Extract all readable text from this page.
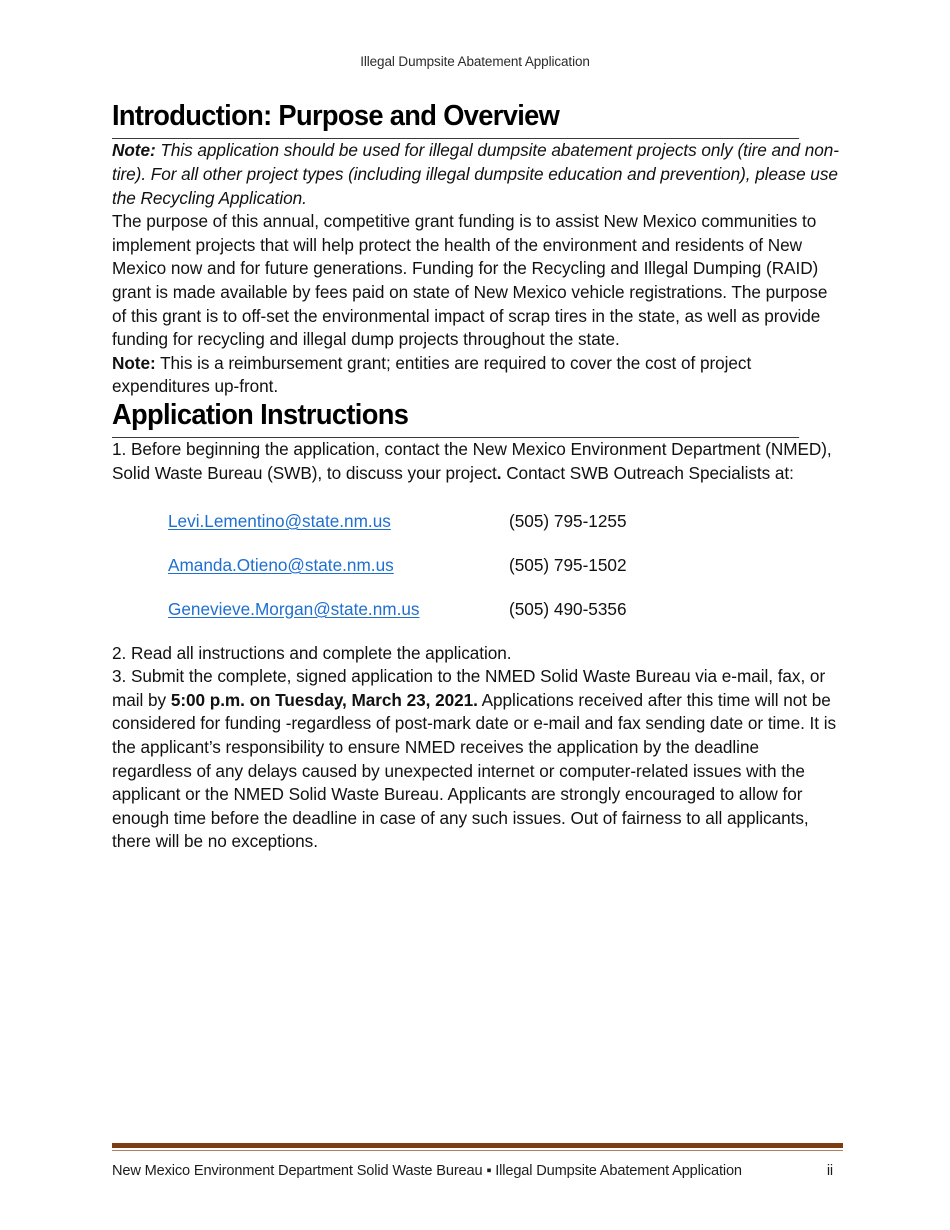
Illegal Dumpsite Abatement Application
Introduction: Purpose and Overview

Note: This application should be used for illegal dumpsite abatement projects only (tire and non-tire). For all other project types (including illegal dumpsite education and prevention), please use the Recycling Application.

The purpose of this annual, competitive grant funding is to assist New Mexico communities to implement projects that will help protect the health of the environment and residents of New Mexico now and for future generations. Funding for the Recycling and Illegal Dumping (RAID) grant is made available by fees paid on state of New Mexico vehicle registrations. The purpose of this grant is to off-set the environmental impact of scrap tires in the state, as well as provide funding for recycling and illegal dump projects throughout the state.

Note: This is a reimbursement grant; entities are required to cover the cost of project expenditures up-front.

Application Instructions

1. Before beginning the application, contact the New Mexico Environment Department (NMED), Solid Waste Bureau (SWB), to discuss your project. Contact SWB Outreach Specialists at:

Levi.Lementino@state.nm.us	(505) 795-1255
Amanda.Otieno@state.nm.us	(505) 795-1502
Genevieve.Morgan@state.nm.us	(505) 490-5356

2. Read all instructions and complete the application.

3. Submit the complete, signed application to the NMED Solid Waste Bureau via e-mail, fax, or mail by 5:00 p.m. on Tuesday, March 23, 2021. Applications received after this time will not be considered for funding -regardless of post-mark date or e-mail and fax sending date or time. It is the applicant’s responsibility to ensure NMED receives the application by the deadline regardless of any delays caused by unexpected internet or computer-related issues with the applicant or the NMED Solid Waste Bureau. Applicants are strongly encouraged to allow for enough time before the deadline in case of any such issues. Out of fairness to all applicants, there will be no exceptions.

New Mexico Environment Department Solid Waste Bureau ▪ Illegal Dumpsite Abatement Application	ii
